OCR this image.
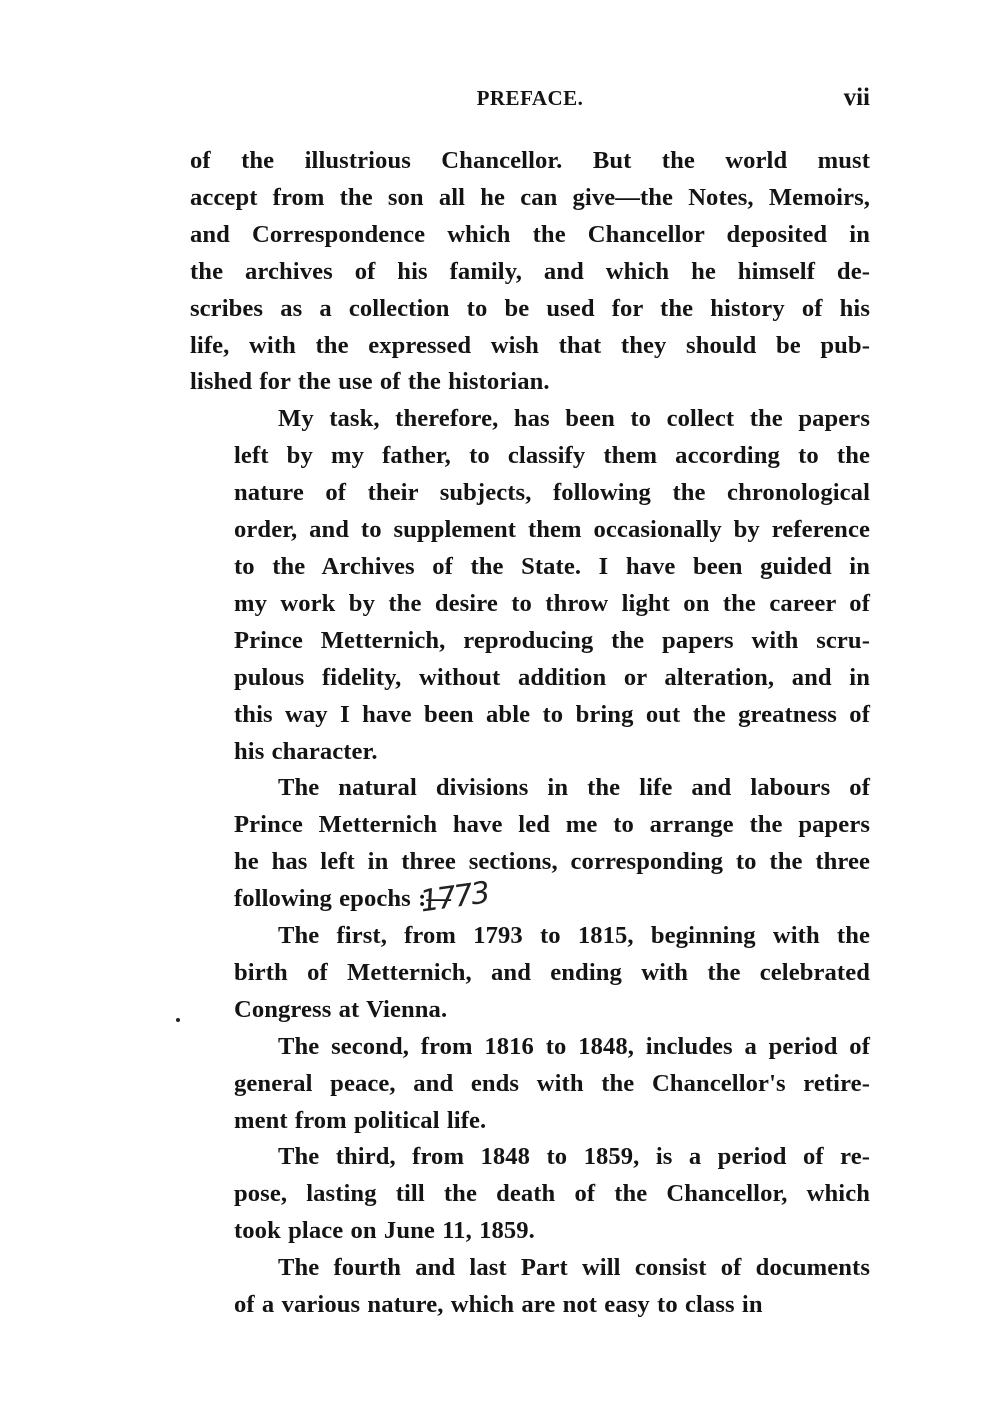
PREFACE.	vii

of the illustrious Chancellor. But the world must
accept from the son all he can give—the Notes, Memoirs,
and Correspondence which the Chancellor deposited in
the archives of his family, and which he himself de-
scribes as a collection to be used for the history of his
life, with the expressed wish that they should be pub-
lished for the use of the historian.

My task, therefore, has been to collect the papers
left by my father, to classify them according to the
nature of their subjects, following the chronological
order, and to supplement them occasionally by reference
to the Archives of the State. I have been guided in
my work by the desire to throw light on the career of
Prince Metternich, reproducing the papers with scru-
pulous fidelity, without addition or alteration, and in
this way I have been able to bring out the greatness of
his character.

The natural divisions in the life and labours of
Prince Metternich have led me to arrange the papers
he has left in three sections, corresponding to the three
following epochs :—

The first, from 1793 to 1815, beginning with the
birth of Metternich, and ending with the celebrated
Congress at Vienna.

The second, from 1816 to 1848, includes a period of
general peace, and ends with the Chancellor's retire-
ment from political life.

The third, from 1848 to 1859, is a period of re-
pose, lasting till the death of the Chancellor, which
took place on June 11, 1859.

The fourth and last Part will consist of documents
of a various nature, which are not easy to class in

1773
